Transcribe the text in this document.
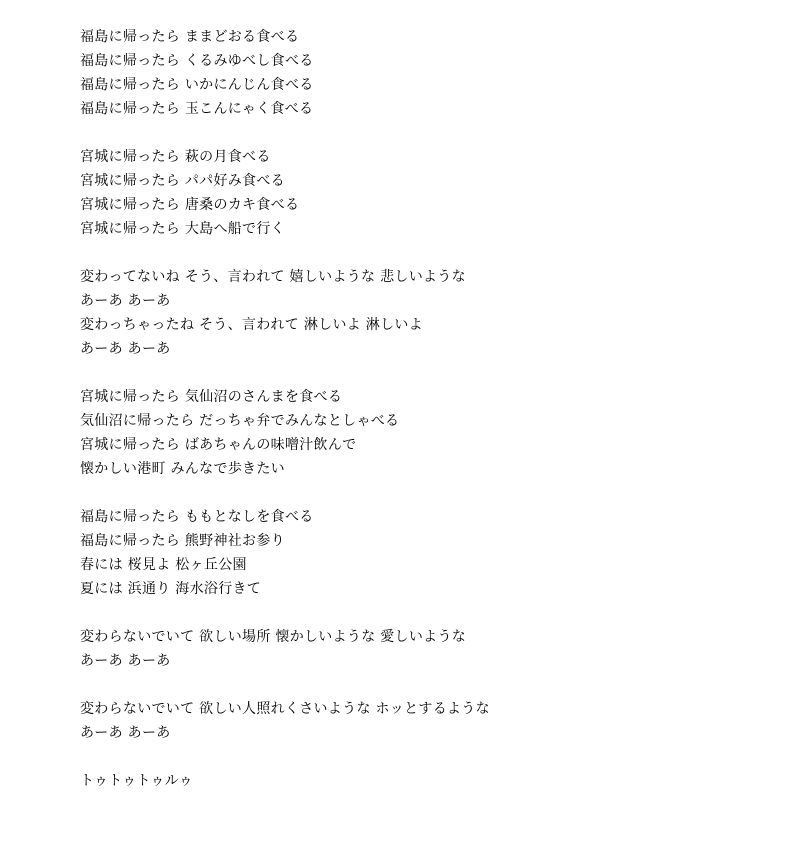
福島に帰ったら ままどおる食べる
福島に帰ったら くるみゆべし食べる
福島に帰ったら いかにんじん食べる
福島に帰ったら 玉こんにゃく食べる
宮城に帰ったら 萩の月食べる
宮城に帰ったら パパ好み食べる
宮城に帰ったら 唐桑のカキ食べる
宮城に帰ったら 大島へ船で行く
変わってないね そう、言われて 嬉しいような 悲しいような
あーあ あーあ
変わっちゃったね そう、言われて 淋しいよ 淋しいよ
あーあ あーあ
宮城に帰ったら 気仙沼のさんまを食べる
気仙沼に帰ったら だっちゃ弁でみんなとしゃべる
宮城に帰ったら ばあちゃんの味噌汁飲んで
懐かしい港町 みんなで歩きたい
福島に帰ったら ももとなしを食べる
福島に帰ったら 熊野神社お参り
春には 桜見よ 松ヶ丘公園
夏には 浜通り 海水浴行きて
変わらないでいて 欲しい場所 懐かしいような 愛しいような
あーあ あーあ
変わらないでいて 欲しい人照れくさいような ホッとするような
あーあ あーあ
トゥトゥトゥルゥ
